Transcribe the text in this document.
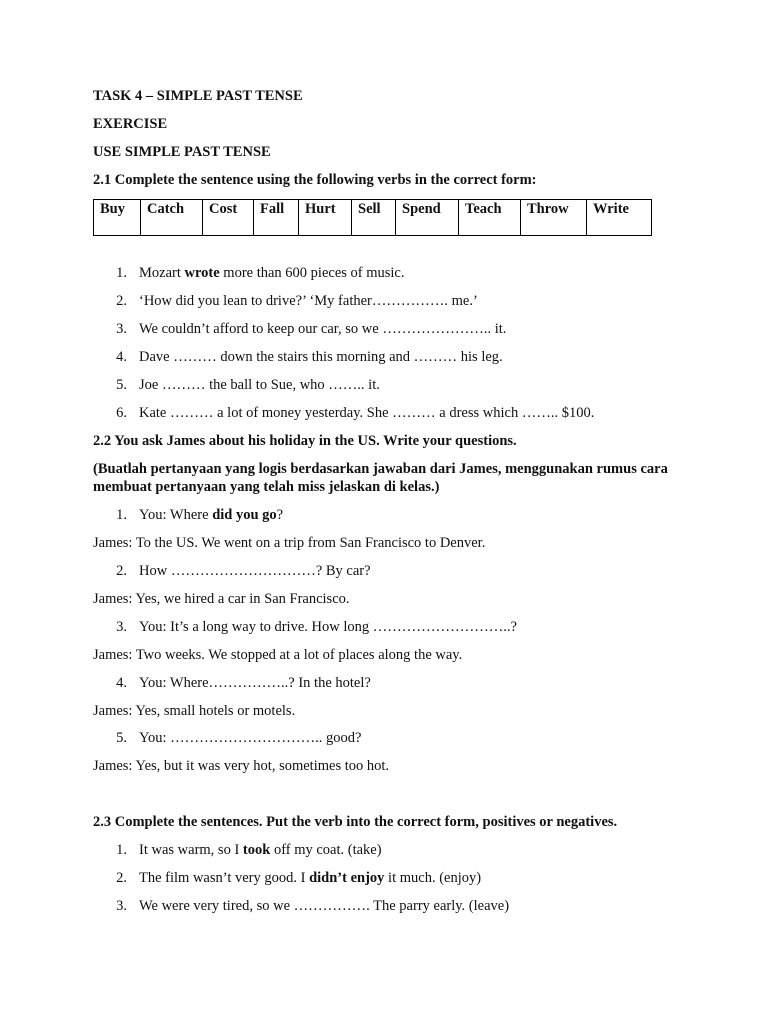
TASK 4 – SIMPLE PAST TENSE
EXERCISE
USE SIMPLE PAST TENSE
2.1 Complete the sentence using the following verbs in the correct form:
Buy	Catch	Cost	Fall	Hurt	Sell	Spend	Teach	Throw	Write
1. Mozart wrote more than 600 pieces of music.
2. ‘How did you lean to drive?’ ‘My father……………. me.’
3. We couldn’t afford to keep our car, so we ………………….. it.
4. Dave ……… down the stairs this morning and ……… his leg.
5. Joe ……… the ball to Sue, who …….. it.
6. Kate ……… a lot of money yesterday. She ……… a dress which …….. $100.
2.2 You ask James about his holiday in the US. Write your questions.
(Buatlah pertanyaan yang logis berdasarkan jawaban dari James, menggunakan rumus cara membuat pertanyaan yang telah miss jelaskan di kelas.)
1. You: Where did you go?
James: To the US. We went on a trip from San Francisco to Denver.
2. How …………………………? By car?
James: Yes, we hired a car in San Francisco.
3. You: It’s a long way to drive. How long ………………………..?
James: Two weeks. We stopped at a lot of places along the way.
4. You: Where……………..? In the hotel?
James: Yes, small hotels or motels.
5. You: ………………………….. good?
James: Yes, but it was very hot, sometimes too hot.
2.3 Complete the sentences. Put the verb into the correct form, positives or negatives.
1. It was warm, so I took off my coat. (take)
2. The film wasn’t very good. I didn’t enjoy it much. (enjoy)
3. We were very tired, so we ……………. The parry early. (leave)
